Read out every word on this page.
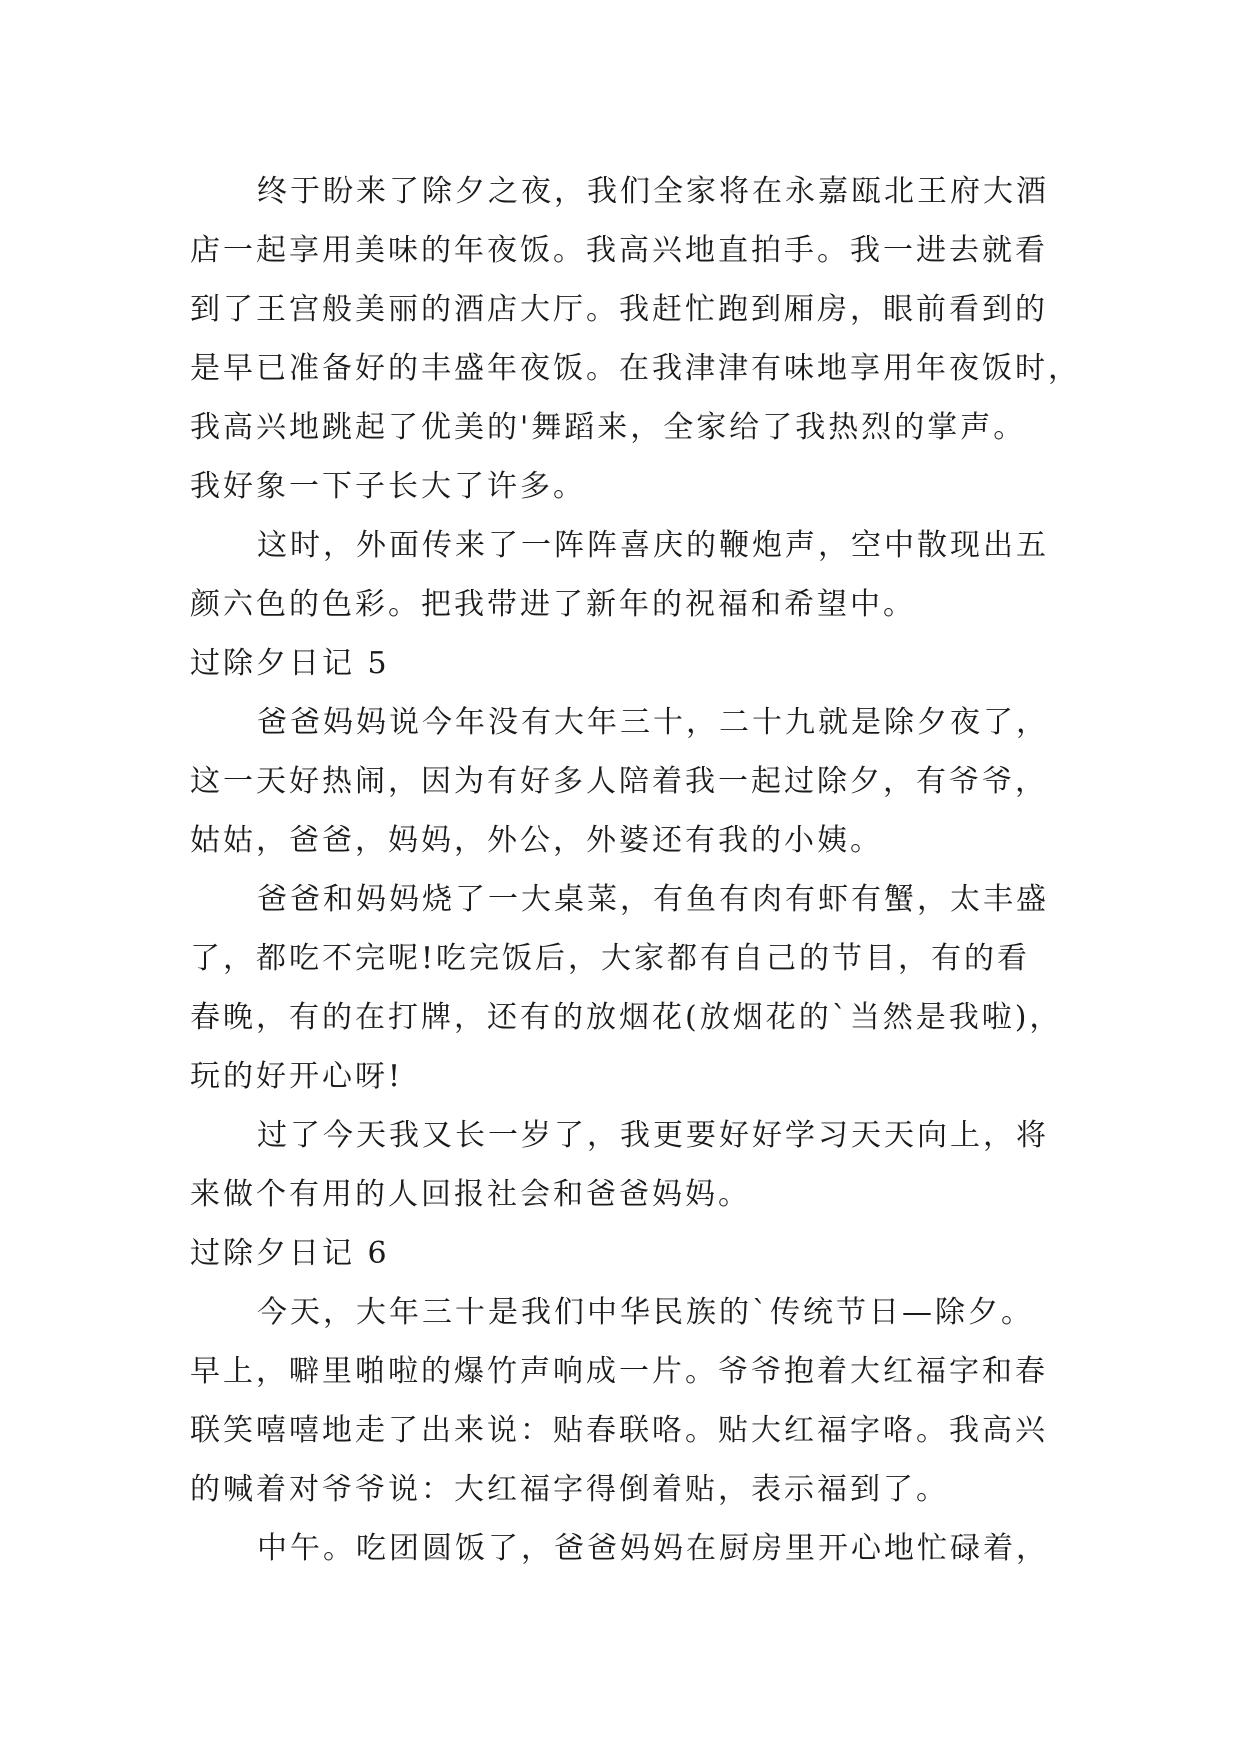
终于盼来了除夕之夜，我们全家将在永嘉瓯北王府大酒
店一起享用美味的年夜饭。我高兴地直拍手。我一进去就看
到了王宫般美丽的酒店大厅。我赶忙跑到厢房，眼前看到的
是早已准备好的丰盛年夜饭。在我津津有味地享用年夜饭时，
我高兴地跳起了优美的'舞蹈来，全家给了我热烈的掌声。
我好象一下子长大了许多。
这时，外面传来了一阵阵喜庆的鞭炮声，空中散现出五
颜六色的色彩。把我带进了新年的祝福和希望中。
过除夕日记 5
爸爸妈妈说今年没有大年三十，二十九就是除夕夜了，
这一天好热闹，因为有好多人陪着我一起过除夕，有爷爷，
姑姑，爸爸，妈妈，外公，外婆还有我的小姨。
爸爸和妈妈烧了一大桌菜，有鱼有肉有虾有蟹，太丰盛
了，都吃不完呢!吃完饭后，大家都有自己的节目，有的看
春晚，有的在打牌，还有的放烟花(放烟花的`当然是我啦)，
玩的好开心呀!
过了今天我又长一岁了，我更要好好学习天天向上，将
来做个有用的人回报社会和爸爸妈妈。
过除夕日记 6
今天，大年三十是我们中华民族的`传统节日—除夕。
早上，噼里啪啦的爆竹声响成一片。爷爷抱着大红福字和春
联笑嘻嘻地走了出来说：贴春联咯。贴大红福字咯。我高兴
的喊着对爷爷说：大红福字得倒着贴，表示福到了。
中午。吃团圆饭了，爸爸妈妈在厨房里开心地忙碌着，
